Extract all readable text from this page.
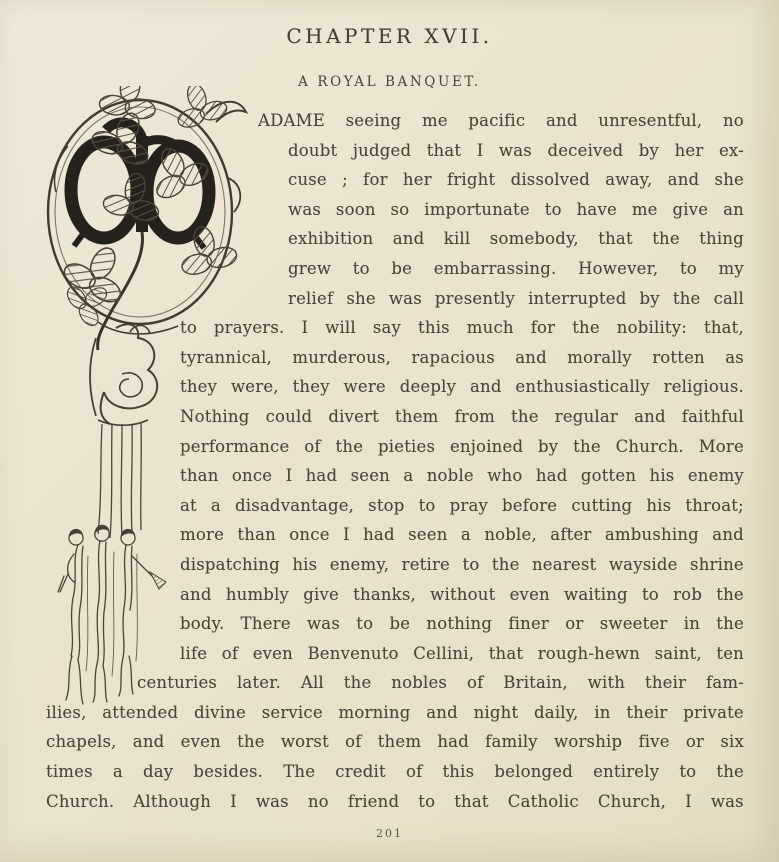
CHAPTER XVII.
A ROYAL BANQUET.
ADAME seeing me pacific and unresentful, no
doubt judged that I was deceived by her ex-
cuse ; for her fright dissolved away, and she
was soon so importunate to have me give an
exhibition and kill somebody, that the thing
grew to be embarrassing. However, to my
relief she was presently interrupted by the call
to prayers. I will say this much for the nobility: that,
tyrannical, murderous, rapacious and morally rotten as
they were, they were deeply and enthusiastically religious.
Nothing could divert them from the regular and faithful
performance of the pieties enjoined by the Church. More
than once I had seen a noble who had gotten his enemy
at a disadvantage, stop to pray before cutting his throat;
more than once I had seen a noble, after ambushing and
dispatching his enemy, retire to the nearest wayside shrine
and humbly give thanks, without even waiting to rob the
body. There was to be nothing finer or sweeter in the
life of even Benvenuto Cellini, that rough-hewn saint, ten
centuries later. All the nobles of Britain, with their fam-
ilies, attended divine service morning and night daily, in their private
chapels, and even the worst of them had family worship five or six
times a day besides. The credit of this belonged entirely to the
Church. Although I was no friend to that Catholic Church, I was
201
